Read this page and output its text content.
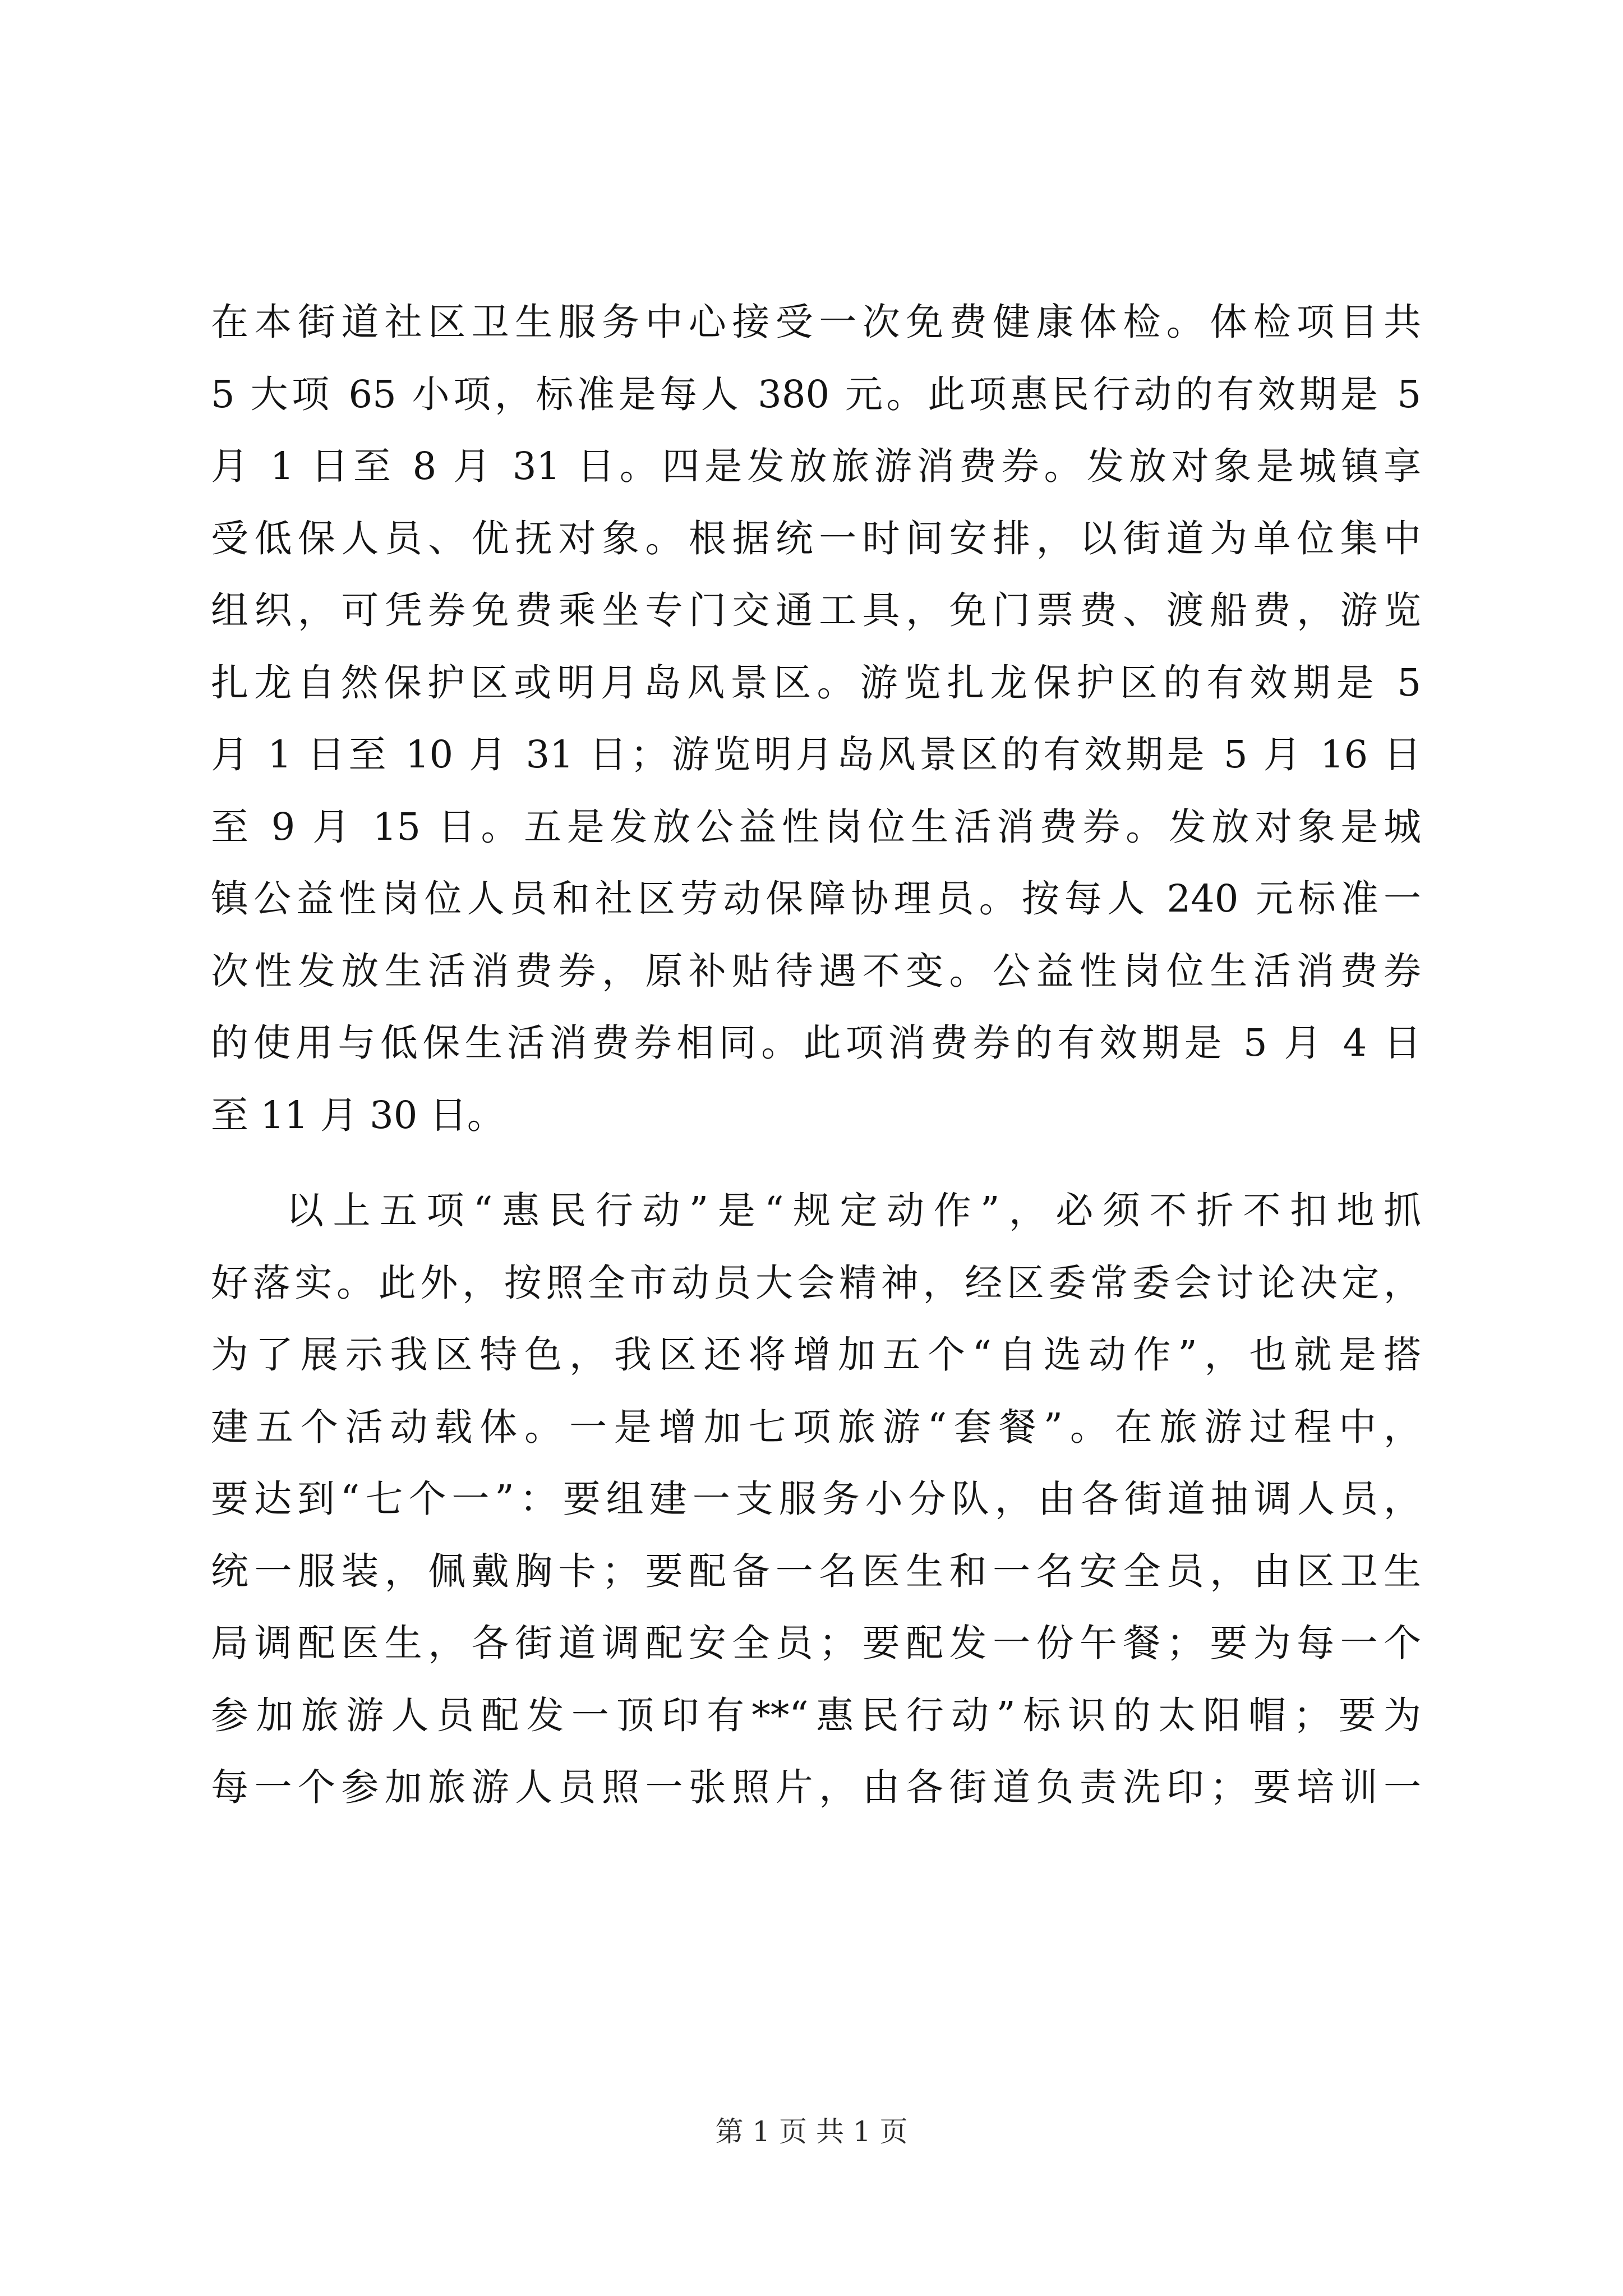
在本街道社区卫生服务中心接受一次免费健康体检。体检项目共
5 大项 65 小项，标准是每人 380 元。此项惠民行动的有效期是 5
月 1 日至 8 月 31 日。四是发放旅游消费券。发放对象是城镇享
受低保人员、优抚对象。根据统一时间安排，以街道为单位集中
组织，可凭券免费乘坐专门交通工具，免门票费、渡船费，游览
扎龙自然保护区或明月岛风景区。游览扎龙保护区的有效期是 5
月 1 日至 10 月 31 日；游览明月岛风景区的有效期是 5 月 16 日
至 9 月 15 日。五是发放公益性岗位生活消费券。发放对象是城
镇公益性岗位人员和社区劳动保障协理员。按每人 240 元标准一
次性发放生活消费券，原补贴待遇不变。公益性岗位生活消费券
的使用与低保生活消费券相同。此项消费券的有效期是 5 月 4 日
至 11 月 30 日。
以上五项“惠民行动”是“规定动作”，必须不折不扣地抓
好落实。此外，按照全市动员大会精神，经区委常委会讨论决定，
为了展示我区特色，我区还将增加五个“自选动作”，也就是搭
建五个活动载体。一是增加七项旅游“套餐”。在旅游过程中，
要达到“七个一”：要组建一支服务小分队，由各街道抽调人员，
统一服装，佩戴胸卡；要配备一名医生和一名安全员，由区卫生
局调配医生，各街道调配安全员；要配发一份午餐；要为每一个
参加旅游人员配发一顶印有**“惠民行动”标识的太阳帽；要为
每一个参加旅游人员照一张照片，由各街道负责洗印；要培训一
第 1 页 共 1 页
